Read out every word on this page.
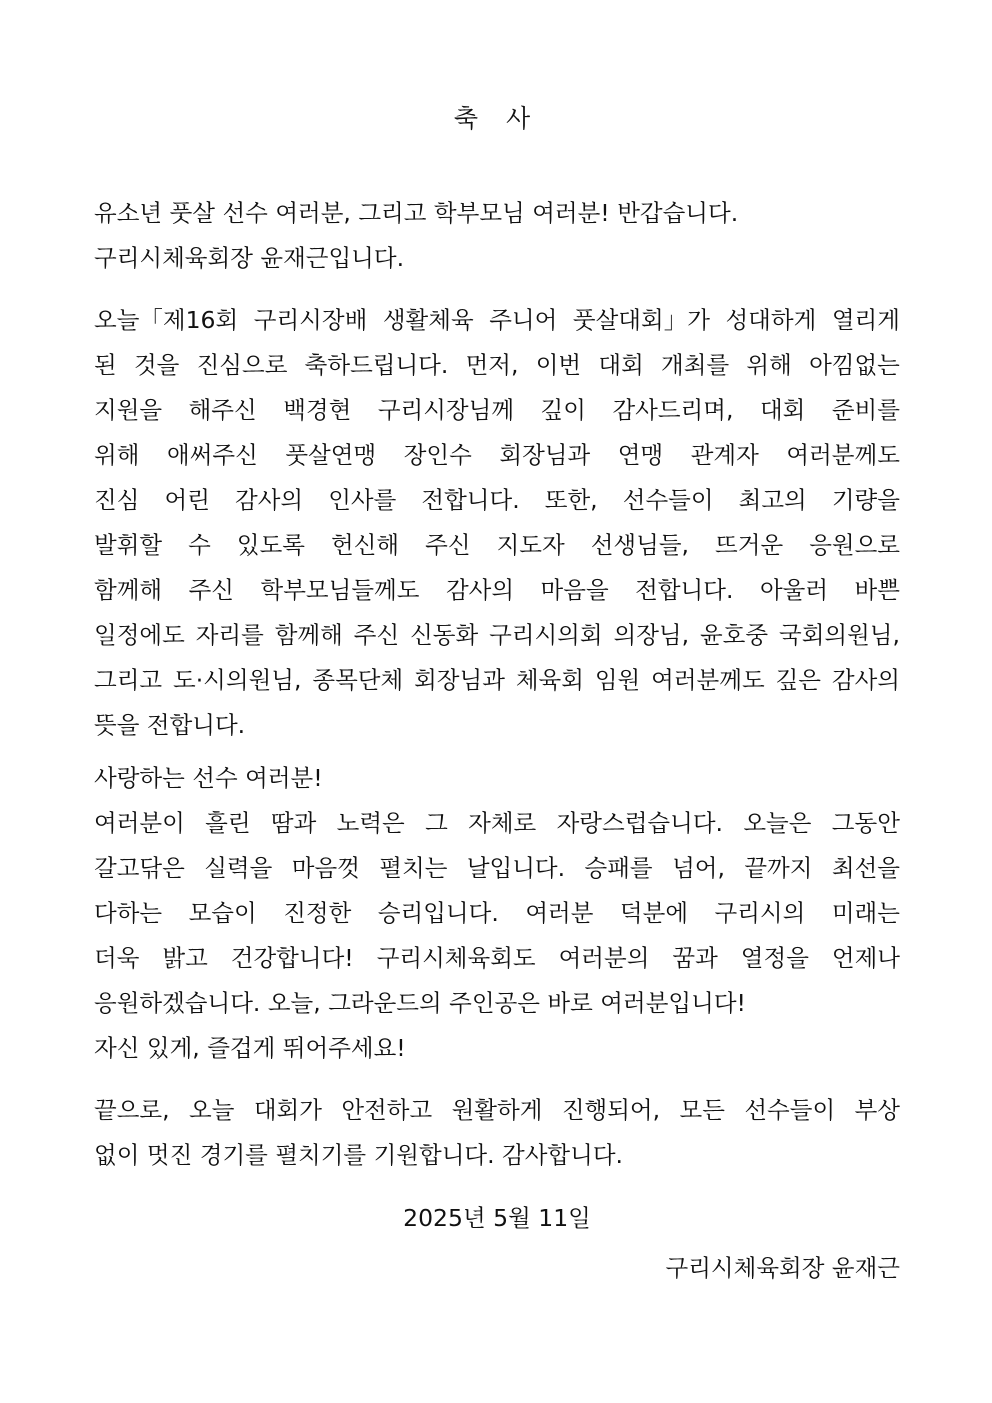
축 사
유소년 풋살 선수 여러분, 그리고 학부모님 여러분! 반갑습니다.
구리시체육회장 윤재근입니다.
오늘「제16회 구리시장배 생활체육 주니어 풋살대회」가 성대하게 열리게
된 것을 진심으로 축하드립니다. 먼저, 이번 대회 개최를 위해 아낌없는
지원을 해주신 백경현 구리시장님께 깊이 감사드리며, 대회 준비를
위해 애써주신 풋살연맹 장인수 회장님과 연맹 관계자 여러분께도
진심 어린 감사의 인사를 전합니다. 또한, 선수들이 최고의 기량을
발휘할 수 있도록 헌신해 주신 지도자 선생님들, 뜨거운 응원으로
함께해 주신 학부모님들께도 감사의 마음을 전합니다. 아울러 바쁜
일정에도 자리를 함께해 주신 신동화 구리시의회 의장님, 윤호중 국회의원님,
그리고 도·시의원님, 종목단체 회장님과 체육회 임원 여러분께도 깊은 감사의
뜻을 전합니다.
사랑하는 선수 여러분!
여러분이 흘린 땀과 노력은 그 자체로 자랑스럽습니다. 오늘은 그동안
갈고닦은 실력을 마음껏 펼치는 날입니다. 승패를 넘어, 끝까지 최선을
다하는 모습이 진정한 승리입니다. 여러분 덕분에 구리시의 미래는
더욱 밝고 건강합니다! 구리시체육회도 여러분의 꿈과 열정을 언제나
응원하겠습니다. 오늘, 그라운드의 주인공은 바로 여러분입니다!
자신 있게, 즐겁게 뛰어주세요!
끝으로, 오늘 대회가 안전하고 원활하게 진행되어, 모든 선수들이 부상
없이 멋진 경기를 펼치기를 기원합니다. 감사합니다.

2025년 5월 11일

구리시체육회장 윤재근
